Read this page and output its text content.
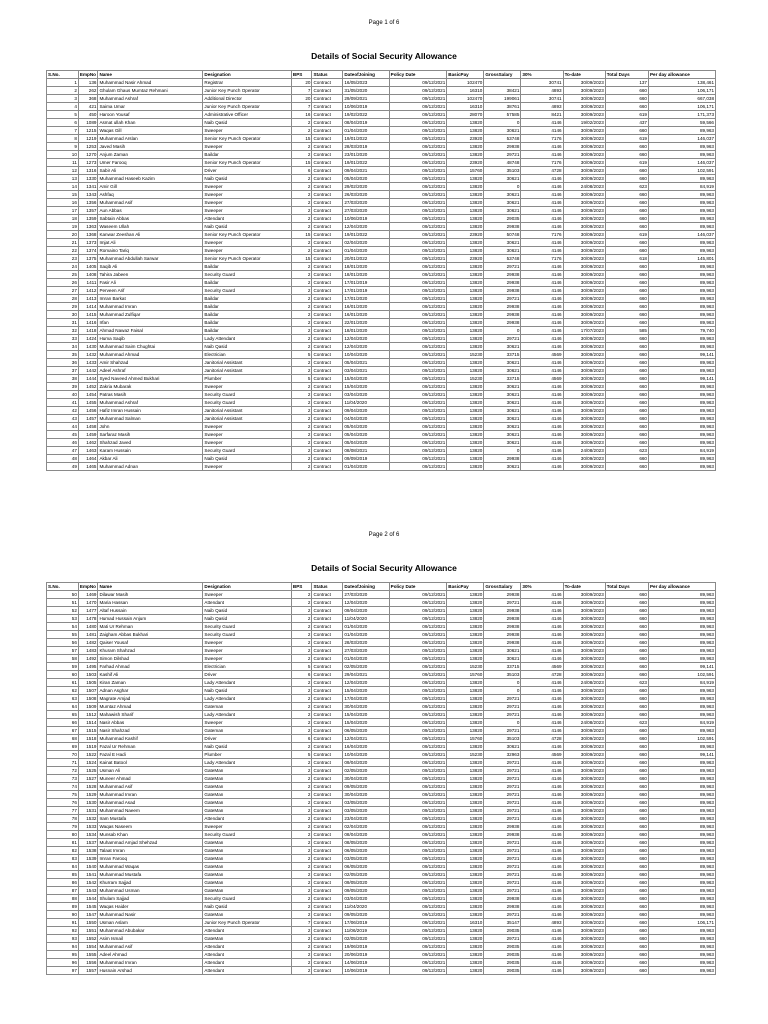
Page 1 of 6
Details of Social Security Allowance
S.No.	EmpNo	Name	Designation	BPS	Status	DateofJoining	Policy Date	BasicPay	GrossSalary	30%	To-date	Total Days	Per day allowance
1	136	Muhammad Nasir Ahmad	Registrar	20	Contract	16/05/2023	09/12/2021	102470		30741	30/09/2023	137	138,461
2	262	Ghulam Ghaus Mumtaz Rehmani	Junior Key Punch Operator	7	Contract	31/05/2020	09/12/2021	16310	38421	4893	30/09/2023	660	106,171
3	368	Muhammad Ashraf	Additional Director	20	Contract	29/09/2021	09/12/2021	102470	199061	30741	30/09/2023	660	667,038
4	421	Saima Umar	Junior Key Punch Operator	7	Contract	10/06/2019	09/12/2021	16310	38761	4893	30/09/2023	660	106,171
5	450	Haroon Yousaf	Administrative Officer	16	Contract	19/02/2022	09/12/2021	28070	57585	8421	30/09/2023	619	171,373
6	1089	Asmat ullah Khan	Naib Qasid	2	Contract	08/04/2019	09/12/2021	13820	0	4146	19/02/2023	437	59,566
7	1215	Waqas Gill	Sweeper	2	Contract	01/04/2020	09/12/2021	13820	30621	4146	30/09/2023	660	89,963
8	1219	Muhammad Arslan	Senior Key Punch Operator	15	Contract	19/01/2022	09/12/2021	23920	53748	7176	30/09/2023	619	146,037
9	1253	Javed Masih	Sweeper	2	Contract	28/03/2019	09/12/2021	13820	29938	4146	30/09/2023	660	89,963
10	1270	Anjum Zaman	Baildar	2	Contract	23/01/2020	09/12/2021	13820	29721	4146	30/09/2023	660	89,963
11	1273	Umer Farooq	Senior Key Punch Operator	15	Contract	19/01/2022	09/12/2021	23920	48748	7176	30/09/2023	619	146,037
12	1316	Sabir Ali	Driver	6	Contract	09/04/2021	09/12/2021	15760	35103	4728	30/09/2023	660	102,591
13	1330	Muhammad Haseeb Kazim	Naib Qasid	2	Contract	05/04/2020	09/12/2021	13820	30621	4146	30/09/2023	660	89,963
14	1341	Amir Gill	Sweeper	2	Contract	29/02/2020	09/12/2021	13820	0	4146	24/08/2023	623	84,919
15	1343	Ashfaq	Sweeper	2	Contract	26/03/2020	09/12/2021	13820	30621	4146	30/09/2023	660	89,963
16	1356	Muhammad Asif	Sweeper	2	Contract	27/03/2020	09/12/2021	13820	30621	4146	30/09/2023	660	89,963
17	1357	Aun Abbas	Sweeper	2	Contract	27/03/2020	09/12/2021	13820	30621	4146	30/09/2023	660	89,963
18	1359	Sabtain Abbas	Attendant	2	Contract	10/06/2019	09/12/2021	13820	29035	4146	30/09/2023	660	89,963
19	1363	Waseem Ullah	Naib Qasid	2	Contract	12/04/2020	09/12/2021	13820	29938	4146	30/09/2023	660	89,963
20	1368	Kanwar Zeeshan Ali	Senior Key Punch Operator	15	Contract	19/01/2022	09/12/2021	23920	50748	7176	30/09/2023	619	146,037
21	1373	Imjat Ali	Sweeper	2	Contract	02/04/2020	09/12/2021	13820	30621	4146	30/09/2023	660	89,963
22	1374	Romaino Tariq	Sweeper	2	Contract	01/04/2020	09/12/2021	13820	30621	4146	30/09/2023	660	89,963
23	1375	Muhammad Abdullah Sarwar	Senior Key Punch Operator	15	Contract	20/01/2022	09/12/2021	23920	53748	7176	30/09/2023	618	145,801
24	1405	Saqib Ali	Baildar	2	Contract	18/01/2020	09/12/2021	13820	29721	4146	30/09/2023	660	89,963
25	1408	Tahira Jabeen	Security Guard	2	Contract	18/01/2020	09/12/2021	13820	29938	4146	30/09/2023	660	89,963
26	1411	Fasir Ali	Baildar	2	Contract	17/01/2019	09/12/2021	13820	29938	4146	30/09/2023	660	89,963
27	1412	Perveen Arif	Security Guard	2	Contract	17/01/2019	09/12/2021	13820	29938	4146	30/09/2023	660	89,963
28	1413	Imran Barkat	Baildar	2	Contract	17/01/2020	09/12/2021	13820	29721	4146	30/09/2023	660	89,963
29	1414	Muhammad Imran	Baildar	2	Contract	16/01/2020	09/12/2021	13820	29938	4146	30/09/2023	660	89,963
30	1415	Muhammad Zulfiqar	Baildar	2	Contract	16/01/2020	09/12/2021	13820	29938	4146	30/09/2023	660	89,963
31	1416	Irfan	Baildar	2	Contract	22/01/2020	09/12/2021	13820	29938	4146	30/09/2023	660	89,963
32	1418	Ahmad Nawaz Faisal	Baildar	2	Contract	18/01/2020	09/12/2021	13820	0	4146	17/07/2023	585	79,740
33	1424	Huma Saqib	Lady Attendant	2	Contract	12/04/2020	09/12/2021	13820	29721	4146	30/09/2023	660	89,963
34	1430	Muhammad Saim Chughtai	Naib Qasid	2	Contract	12/04/2020	09/12/2021	13820	30621	4146	30/09/2023	660	89,963
35	1432	Muhammad Ahmad	Electrician	5	Contract	10/04/2020	09/12/2021	15230	33715	4569	30/09/2023	660	99,141
36	1433	Amir Shahzad	Janitorial Assistant	2	Contract	05/04/2021	09/12/2021	13820	30621	4146	30/09/2023	660	89,963
37	1442	Adeel Ashraf	Janitorial Assistant	2	Contract	03/04/2021	09/12/2021	13820	30621	4146	30/09/2023	660	89,963
38	1444	Syed Naveed Ahmed Bukhari	Plumber	5	Contract	15/04/2020	09/12/2021	15230	33715	4569	30/09/2023	660	99,141
39	1452	Zakria Mubarak	Sweeper	2	Contract	15/04/2020	09/12/2021	13820	30621	4146	30/09/2023	660	89,963
40	1454	Patras Masih	Security Guard	2	Contract	03/04/2020	09/12/2021	13820	30621	4146	30/09/2023	660	89,963
41	1455	Muhammad Ashraf	Security Guard	2	Contract	11/04/2020	09/12/2021	13820	30621	4146	30/09/2023	660	89,963
42	1456	Hafiz Imran Hussain	Janitorial Assistant	2	Contract	09/04/2020	09/12/2021	13820	30621	4146	30/09/2023	660	89,963
43	1457	Muhammad Salman	Janitorial Assistant	2	Contract	04/04/2020	09/12/2021	13820	30621	4146	30/09/2023	660	89,963
44	1458	John	Sweeper	2	Contract	05/04/2020	09/12/2021	13820	30621	4146	30/09/2023	660	89,963
45	1459	Sarfaraz Masih	Sweeper	2	Contract	05/04/2020	09/12/2021	13820	30621	4146	30/09/2023	660	89,963
46	1462	Shahzad Javed	Sweeper	2	Contract	05/04/2020	09/12/2021	13820	30621	4146	30/09/2023	660	89,963
47	1463	Karam Hussain	Security Guard	2	Contract	08/08/2021	09/12/2021	13820	0	4146	24/08/2023	623	84,919
48	1464	Akbar Ali	Naib Qasid	2	Contract	09/09/2019	09/12/2021	13820	29938	4146	30/09/2023	660	89,963
49	1465	Muhammad Adnan	Sweeper	2	Contract	01/04/2020	09/12/2021	13820	30621	4146	30/09/2023	660	89,963
Page 2 of 6
Details of Social Security Allowance
S.No.	EmpNo	Name	Designation	BPS	Status	DateofJoining	Policy Date	BasicPay	GrossSalary	30%	To-date	Total Days	Per day allowance
50	1469	Dilawar Masih	Sweeper	2	Contract	27/03/2020	09/12/2021	13820	29938	4146	30/09/2023	660	89,963
51	1470	Maria Hassan	Attendant	2	Contract	12/04/2020	09/12/2021	13820	29721	4146	30/09/2023	660	89,963
52	1477	Altaf Hussain	Naib Qasid	2	Contract	09/04/2020	09/12/2021	13820	29938	4146	30/09/2023	660	89,963
53	1478	Humad Hussain Anjum	Naib Qasid	2	Contract	11/04/2020	09/12/2021	13820	29938	4146	30/09/2023	660	89,963
54	1480	Mati Ur Rehman	Security Guard	2	Contract	01/04/2020	09/12/2021	13820	29938	4146	30/09/2023	660	89,963
55	1481	Zaigham Abbas Bukhari	Security Guard	2	Contract	01/04/2020	09/12/2021	13820	29938	4146	30/09/2023	660	89,963
56	1482	Qaiser Yousaf	Sweeper	2	Contract	28/03/2020	09/12/2021	13820	29938	4146	30/09/2023	660	89,963
57	1483	Khuram Shahzad	Sweeper	2	Contract	27/03/2020	09/12/2021	13820	30621	4146	30/09/2023	660	89,963
58	1492	Simon Dilshad	Sweeper	2	Contract	01/04/2020	09/12/2021	13820	30621	4146	30/09/2023	660	89,963
59	1495	Farhad Ahmad	Electrician	5	Contract	02/05/2020	09/12/2021	15230	33715	4569	30/09/2023	660	99,141
60	1503	Kashif Ali	Driver	6	Contract	29/04/2021	09/12/2021	15760	35103	4728	30/09/2023	660	102,591
61	1505	Kiran Zaman	Lady Attendant	2	Contract	12/04/2020	09/12/2021	13820	0	4146	24/08/2023	623	84,919
62	1507	Adnan Asghar	Naib Qasid	2	Contract	15/04/2020	09/12/2021	13820	0	4146	30/09/2023	660	89,963
63	1508	Magrate Amjad	Lady Attendant	2	Contract	17/04/2020	09/12/2021	13820	29721	4146	30/09/2023	660	89,963
64	1509	Mumtaz Ahmad	Gateman	2	Contract	30/04/2020	09/12/2021	13820	29721	4146	30/09/2023	660	89,963
65	1512	Mahawish Sharif	Lady Attendant	2	Contract	15/04/2020	09/12/2021	13820	29721	4146	30/09/2023	660	89,963
66	1514	Nasir Abbas	Sweeper	2	Contract	15/04/2020	09/12/2021	13820	0	4146	24/08/2023	623	84,919
67	1515	Nasir Shahzad	Gateman	2	Contract	06/05/2020	09/12/2021	13820	29721	4146	30/09/2023	660	89,963
68	1518	Muhammad Kashif	Driver	6	Contract	12/04/2021	09/12/2021	15760	35103	4728	30/09/2023	660	102,591
69	1519	Fazal Ur Rehman	Naib Qasid	2	Contract	16/04/2020	09/12/2021	13820	30621	4146	30/09/2023	660	89,963
70	1522	Fazal E Hadi	Plumber	5	Contract	10/04/2020	09/12/2021	15230	32963	4569	30/09/2023	660	99,141
71	1524	Kainat Batool	Lady Attendant	2	Contract	09/04/2020	09/12/2021	13820	29721	4146	30/09/2023	660	89,963
72	1525	Usman Ali	GateMan	2	Contract	02/05/2020	09/12/2021	13820	29721	4146	30/09/2023	660	89,963
73	1527	Muneer Ahmad	GateMan	2	Contract	30/04/2020	09/12/2021	13820	29721	4146	30/09/2023	660	89,963
74	1528	Muhammad Asif	GateMan	2	Contract	09/05/2020	09/12/2021	13820	29721	4146	30/09/2023	660	89,963
75	1529	Muhammad Imran	GateMan	2	Contract	30/04/2020	09/12/2021	13820	29721	4146	30/09/2023	660	89,963
76	1530	Muhammad Asad	GateMan	2	Contract	03/05/2020	09/12/2021	13820	29721	4146	30/09/2023	660	89,963
77	1531	Muhammad Naeem	GateMan	2	Contract	03/05/2020	09/12/2021	13820	29721	4146	30/09/2023	660	89,963
78	1532	Iram Mustafa	Attendant	2	Contract	23/04/2020	09/12/2021	13820	29721	4146	30/09/2023	660	89,963
79	1533	Waqas Naseem	Sweeper	2	Contract	02/04/2020	09/12/2021	13820	29938	4146	30/09/2023	660	89,963
80	1534	Munsab Khan	Security Guard	2	Contract	08/04/2020	09/12/2021	13820	29938	4146	30/09/2023	660	89,963
81	1537	Muhammad Amjad Shehzad	GateMan	2	Contract	08/05/2020	09/12/2021	13820	29721	4146	30/09/2023	660	89,963
82	1538	Talaat Imran	GateMan	2	Contract	06/05/2020	09/12/2021	13820	29721	4146	30/09/2023	660	89,963
83	1539	Imran Farooq	GateMan	2	Contract	03/05/2020	09/12/2021	13820	29721	4146	30/09/2023	660	89,963
84	1540	Muhammad Waqas	GateMan	2	Contract	06/05/2020	09/12/2021	13820	29721	4146	30/09/2023	660	89,963
85	1541	Muhammad Mustafa	GateMan	2	Contract	02/05/2020	09/12/2021	13820	29721	4146	30/09/2023	660	89,963
86	1542	Khurram Sajjad	GateMan	2	Contract	09/05/2020	09/12/2021	13820	29721	4146	30/09/2023	660	89,963
87	1543	Muhammad Usman	GateMan	2	Contract	09/05/2020	09/12/2021	13820	29721	4146	30/09/2023	660	89,963
88	1544	Shulam Sajjad	Security Guard	2	Contract	03/04/2020	09/12/2021	13820	29938	4146	30/09/2023	660	89,963
89	1545	Waqas Haider	Naib Qasid	2	Contract	11/04/2020	09/12/2021	13820	29938	4146	30/09/2023	660	89,963
90	1547	Muhammad Nasir	GateMan	2	Contract	09/05/2020	09/12/2021	13820	29721	4146	30/09/2023	660	89,963
91	1550	Usman Aslam	Junior Key Punch Operator	7	Contract	17/06/2019	09/12/2021	16310	35147	4893	30/09/2023	660	106,171
92	1551	Muhammad Abubakar	Attendant	2	Contract	11/06/2019	09/12/2021	13820	29035	4146	30/09/2023	660	89,963
93	1552	Asim Ismail	GateMan	2	Contract	02/05/2020	09/12/2021	13820	29721	4146	30/09/2023	660	89,963
94	1554	Muhammad Asif	Attendant	2	Contract	19/06/2019	09/12/2021	13820	29035	4146	30/09/2023	660	89,963
95	1555	Adeel Ahmad	Attendant	2	Contract	20/06/2019	09/12/2021	13820	29035	4146	30/09/2023	660	89,963
96	1556	Muhammad Imran	Attendant	2	Contract	14/06/2019	09/12/2021	13820	29035	4146	30/09/2023	660	89,963
97	1557	Husnain Arshad	Attendant	2	Contract	10/06/2019	09/12/2021	13820	29035	4146	30/09/2023	660	89,963
